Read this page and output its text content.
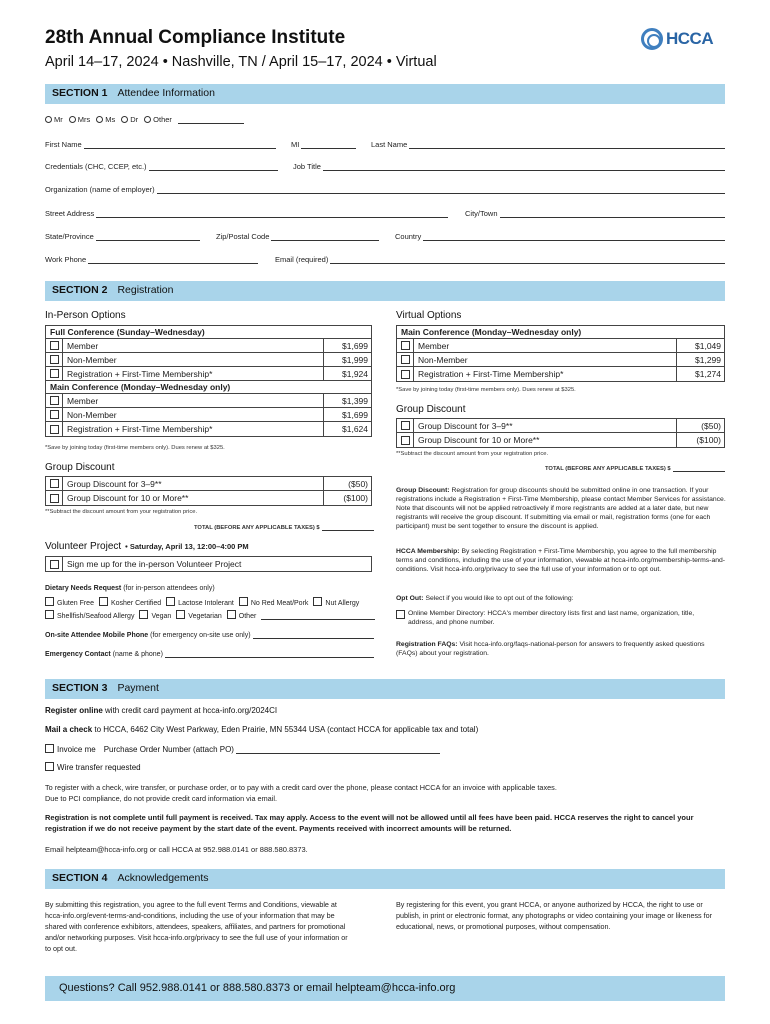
28th Annual Compliance Institute
April 14–17, 2024 • Nashville, TN / April 15–17, 2024 • Virtual
HCCA
SECTION 1 Attendee Information
Mr	Mrs	Ms	Dr	Other
First Name	MI	Last Name
Credentials (CHC, CCEP, etc.)	Job Title
Organization (name of employer)
Street Address	City/Town
State/Province	Zip/Postal Code	Country
Work Phone	Email (required)
SECTION 2 Registration
In-Person Options
Full Conference (Sunday–Wednesday)
Member	$1,699
Non-Member	$1,999
Registration + First-Time Membership*	$1,924
Main Conference (Monday–Wednesday only)
Member	$1,399
Non-Member	$1,699
Registration + First-Time Membership*	$1,624
*Save by joining today (first-time members only). Dues renew at $325.
Group Discount
Group Discount for 3–9**	($50)
Group Discount for 10 or More**	($100)
**Subtract the discount amount from your registration price.
TOTAL (BEFORE ANY APPLICABLE TAXES) $
Volunteer Project • Saturday, April 13, 12:00–4:00 PM
Sign me up for the in-person Volunteer Project
Dietary Needs Request (for in-person attendees only)
Gluten Free	Kosher Certified	Lactose Intolerant	No Red Meat/Pork	Nut Allergy
Shellfish/Seafood Allergy	Vegan	Vegetarian	Other
On-site Attendee Mobile Phone
(for emergency on-site use only)
Emergency Contact
(name & phone)
Virtual Options
Main Conference (Monday–Wednesday only)
Member	$1,049
Non-Member	$1,299
Registration + First-Time Membership*	$1,274
*Save by joining today (first-time members only). Dues renew at $325.
Group Discount
Group Discount for 3–9**	($50)
Group Discount for 10 or More**	($100)
**Subtract the discount amount from your registration price.
TOTAL (BEFORE ANY APPLICABLE TAXES) $
Group Discount: Registration for group discounts should be submitted online in one transaction. If your registrations include a Registration + First-Time Membership, please contact Member Services for assistance. Note that discounts will not be applied retroactively if more registrants are added at a later date, but new registrants will receive the group discount. If submitting via email or mail, registration forms (one for each participant) must be sent together to ensure the discount is applied.
HCCA Membership: By selecting Registration + First-Time Membership, you agree to the full membership terms and conditions, including the use of your information, viewable at hcca-info.org/membership-terms-and-conditions. Visit hcca-info.org/privacy to see the full use of your information or to opt out.
Opt Out: Select if you would like to opt out of the following:
Online Member Directory: HCCA's member directory lists first and last name, organization, title, address, and phone number.
Registration FAQs: Visit hcca-info.org/faqs-national-person for answers to frequently asked questions (FAQs) about your registration.
SECTION 3 Payment
Register online with credit card payment at hcca-info.org/2024CI
Mail a check to HCCA, 6462 City West Parkway, Eden Prairie, MN 55344 USA (contact HCCA for applicable tax and total)
Invoice me Purchase Order Number (attach PO)
Wire transfer requested
To register with a check, wire transfer, or purchase order, or to pay with a credit card over the phone, please contact HCCA for an invoice with applicable taxes.
Due to PCI compliance, do not provide credit card information via email.
Registration is not complete until full payment is received. Tax may apply. Access to the event will not be allowed until all fees have been paid. HCCA reserves the right to cancel your registration if we do not receive payment by the start date of the event. Payments received with incorrect amounts will be returned.
Email helpteam@hcca-info.org or call HCCA at 952.988.0141 or 888.580.8373.
SECTION 4 Acknowledgements
By submitting this registration, you agree to the full event Terms and Conditions, viewable at hcca-info.org/event-terms-and-conditions, including the use of your information that may be shared with conference exhibitors, attendees, speakers, affiliates, and partners for promotional and/or networking purposes. Visit hcca-info.org/privacy to see the full use of your information or to opt out.
By registering for this event, you grant HCCA, or anyone authorized by HCCA, the right to use or publish, in print or electronic format, any photographs or video containing your image or likeness for educational, news, or promotional purposes, without compensation.
Questions? Call 952.988.0141 or 888.580.8373 or email helpteam@hcca-info.org
